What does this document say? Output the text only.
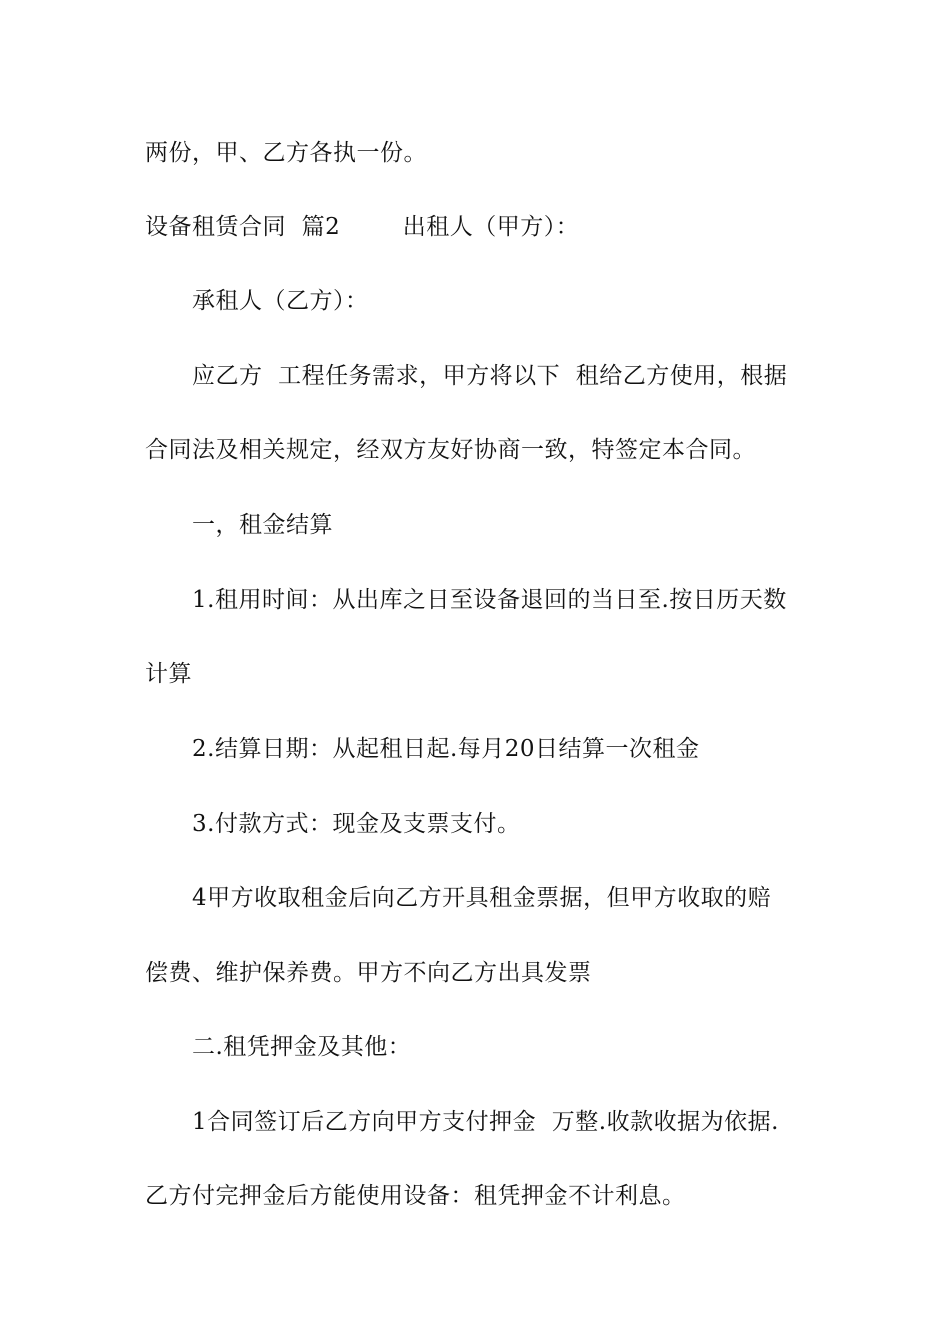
两份，甲、乙方各执一份。
设备租赁合同  篇2        出租人（甲方）：
承租人（乙方）：
应乙方  工程任务需求，甲方将以下  租给乙方使用，根据
合同法及相关规定，经双方友好协商一致，特签定本合同。
一，租金结算
1.租用时间：从出库之日至设备退回的当日至.按日历天数
计算
2.结算日期：从起租日起.每月20日结算一次租金
3.付款方式：现金及支票支付。
4甲方收取租金后向乙方开具租金票据，但甲方收取的赔
偿费、维护保养费。甲方不向乙方出具发票
二.租凭押金及其他：
1合同签订后乙方向甲方支付押金  万整.收款收据为依据.
乙方付完押金后方能使用设备：租凭押金不计利息。
